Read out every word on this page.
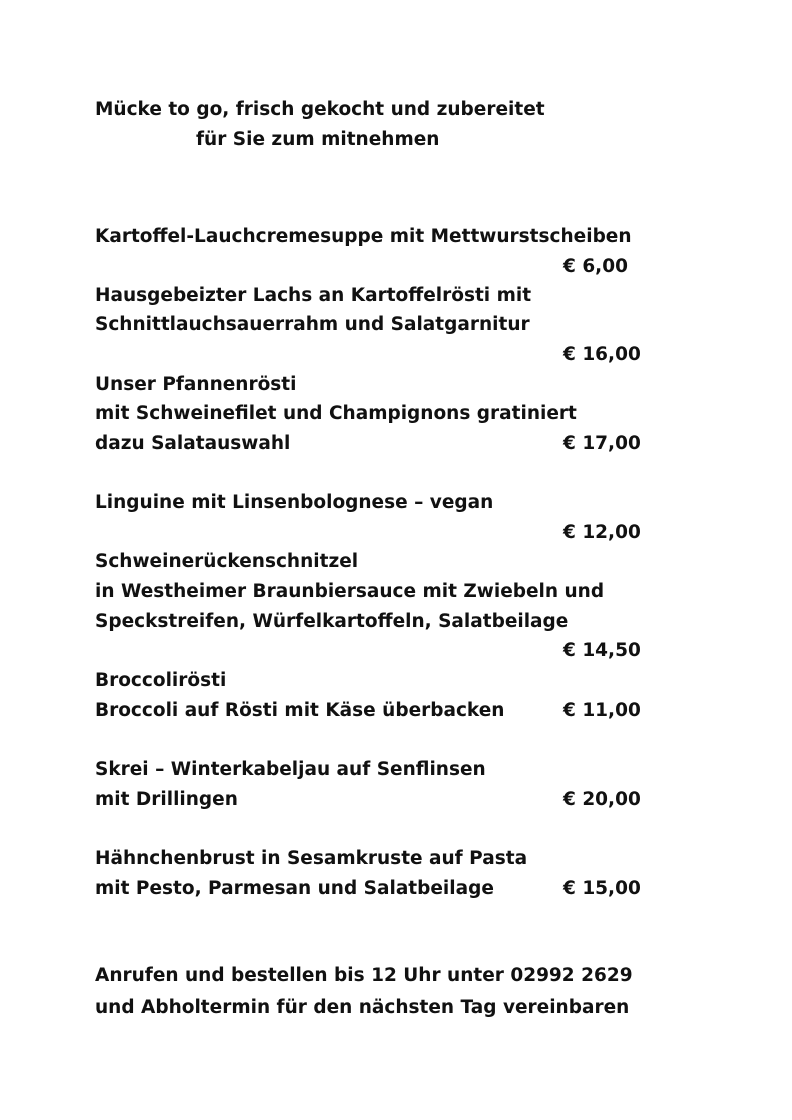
Mücke to go, frisch gekocht und zubereitet
für Sie zum mitnehmen
Kartoffel-Lauchcremesuppe mit Mettwurstscheiben
€ 6,00
Hausgebeizter Lachs an Kartoffelrösti mit
Schnittlauchsauerrahm und Salatgarnitur
€ 16,00
Unser Pfannenrösti
mit Schweinefilet und Champignons gratiniert
dazu Salatauswahl	€ 17,00
Linguine mit Linsenbolognese – vegan
€ 12,00
Schweinerückenschnitzel
in Westheimer Braunbiersauce mit Zwiebeln und
Speckstreifen, Würfelkartoffeln, Salatbeilage
€ 14,50
Broccolirösti
Broccoli auf Rösti mit Käse überbacken	€ 11,00
Skrei – Winterkabeljau auf Senflinsen
mit Drillingen	€ 20,00
Hähnchenbrust in Sesamkruste auf Pasta
mit Pesto, Parmesan und Salatbeilage	€ 15,00
Anrufen und bestellen bis 12 Uhr unter 02992 2629
und Abholtermin für den nächsten Tag vereinbaren
